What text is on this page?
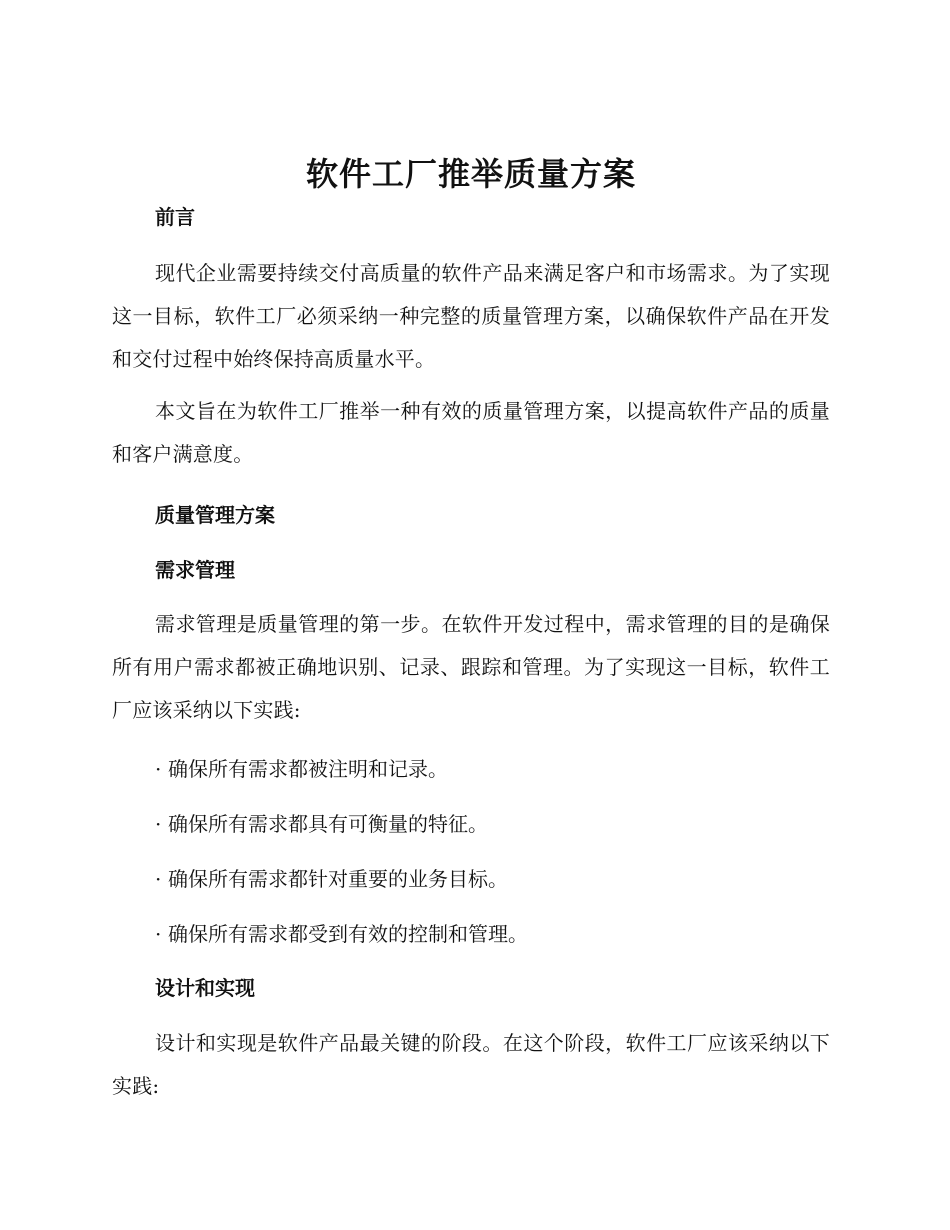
软件工厂推举质量方案
前言

现代企业需要持续交付高质量的软件产品来满足客户和市场需求。为了实现这一目标，软件工厂必须采纳一种完整的质量管理方案，以确保软件产品在开发和交付过程中始终保持高质量水平。

本文旨在为软件工厂推举一种有效的质量管理方案，以提高软件产品的质量和客户满意度。

质量管理方案
需求管理

需求管理是质量管理的第一步。在软件开发过程中，需求管理的目的是确保所有用户需求都被正确地识别、记录、跟踪和管理。为了实现这一目标，软件工厂应该采纳以下实践:

· 确保所有需求都被注明和记录。

· 确保所有需求都具有可衡量的特征。

· 确保所有需求都针对重要的业务目标。

· 确保所有需求都受到有效的控制和管理。

设计和实现

设计和实现是软件产品最关键的阶段。在这个阶段，软件工厂应该采纳以下实践:
